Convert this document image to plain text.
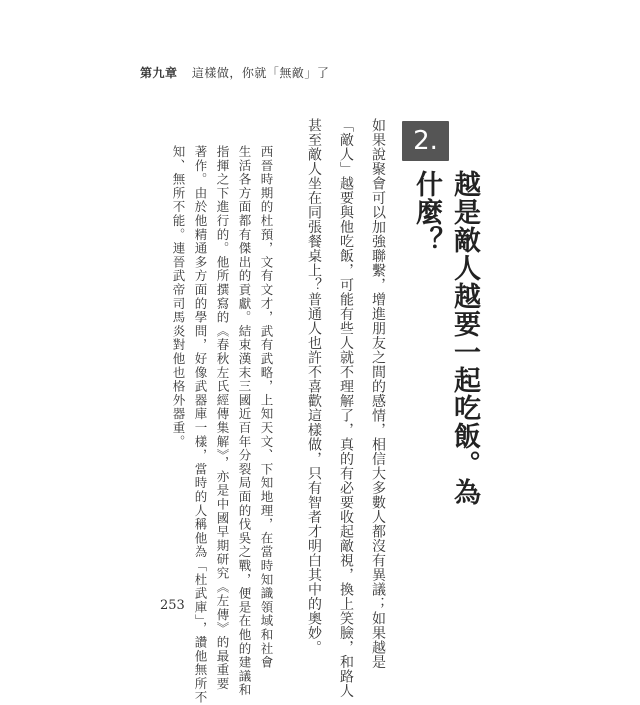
第九章 這樣做，你就「無敵」了
2.
越是敵人越要一起吃飯。為什麼？
如果說聚會可以加強聯繫，增進朋友之間的感情，相信大多數人都沒有異議；如果越是
「敵人」越要與他吃飯，可能有些人就不理解了，真的有必要收起敵視，換上笑臉，和路人
甚至敵人坐在同張餐桌上？普通人也許不喜歡這樣做，只有智者才明白其中的奧妙。
西晉時期的杜預，文有文才，武有武略，上知天文、下知地理，在當時知識領域和社會
生活各方面都有傑出的貢獻。結束漢末三國近百年分裂局面的伐吳之戰，便是在他的建議和
指揮之下進行的。他所撰寫的《春秋左氏經傳集解》，亦是中國早期研究《左傳》的最重要
著作。由於他精通多方面的學問，好像武器庫一樣，當時的人稱他為「杜武庫」，讚他無所不
知、無所不能。連晉武帝司馬炎對他也格外器重。
253
